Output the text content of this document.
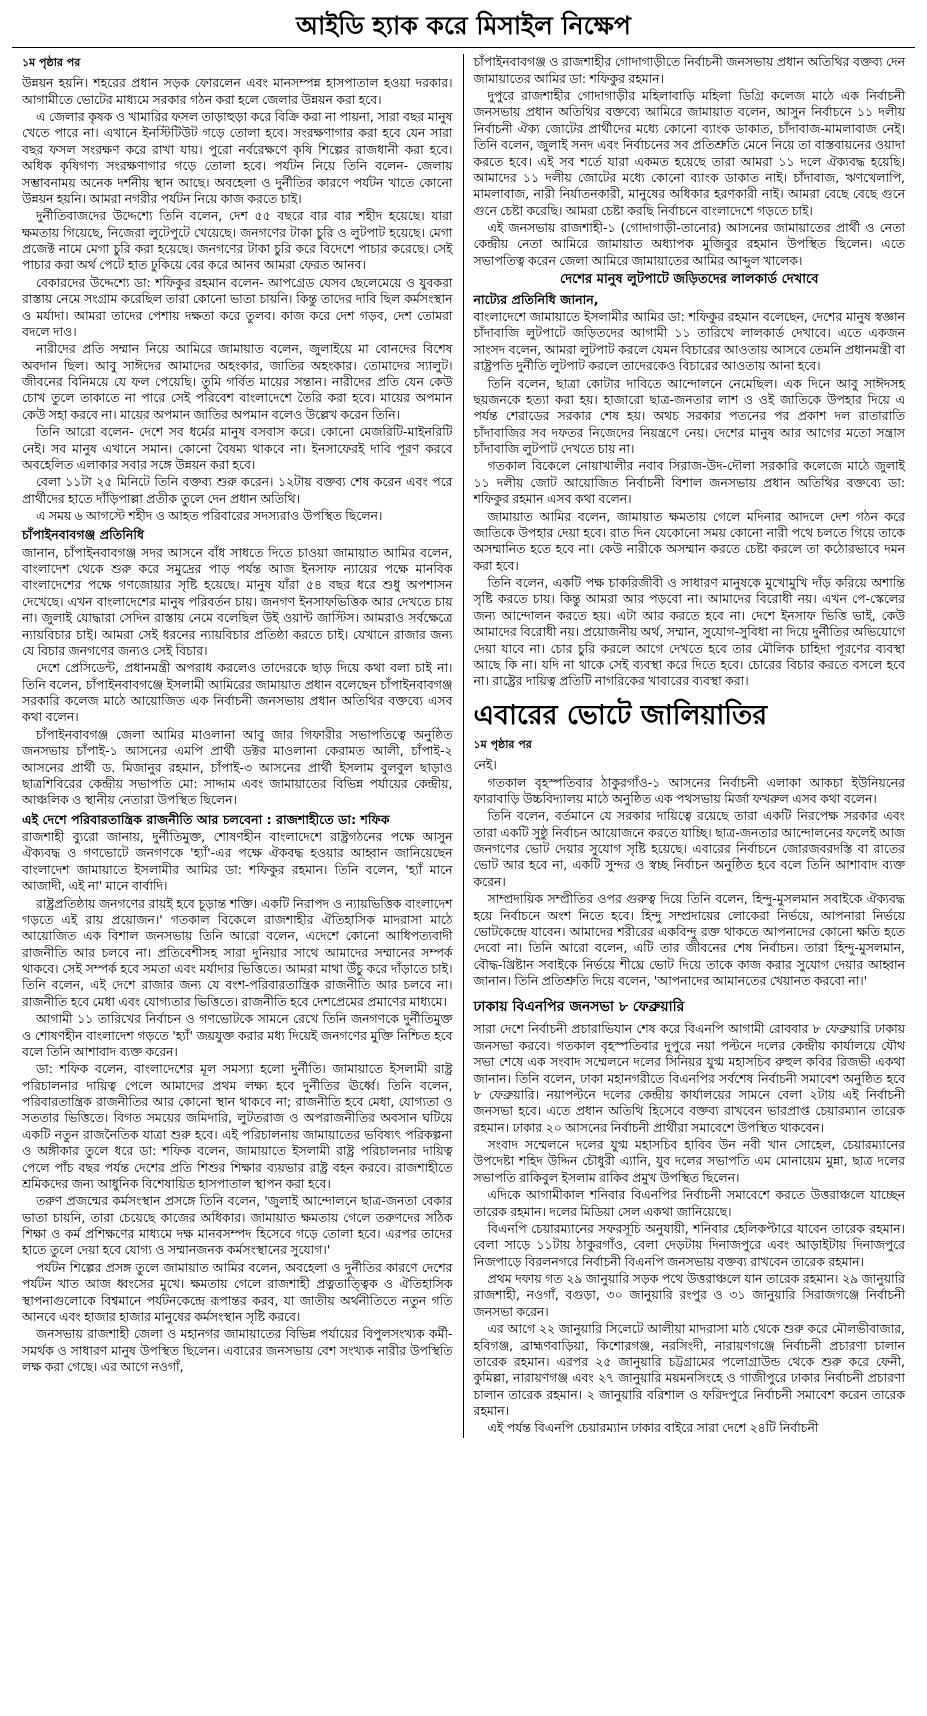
আইডি হ্যাক করে মিসাইল নিক্ষেপ
১ম পৃষ্ঠার পর

উন্নয়ন হয়নি। শহরের প্রধান সড়ক ফোরলেন এবং মানসম্পন্ন হাসপাতাল হওয়া দরকার। আগামীতে ভোটের মাধ্যমে সরকার গঠন করা হলে জেলার উন্নয়ন করা হবে।

এ জেলার কৃষক ও খামারির ফসল তাড়াহুড়া করে বিক্রি করা না পায়না, সারা বছর মানুষ খেতে পারে না। এখানে ইনস্টিটিউট গড়ে তোলা হবে। সংরক্ষণাগার করা হবে যেন সারা বছর ফসল সংরক্ষণ করে রাখা যায়। পুরো নর্বরেক্ষণে কৃষি শিল্পের রাজধানী করা হবে। অধিক কৃষিগণ্য সংরক্ষণাগার গড়ে তোলা হবে। পর্যটন নিয়ে তিনি বলেন- জেলায় সম্ভাবনাময় অনেক দর্শনীয় স্থান আছে। অবহেলা ও দুর্নীতির কারণে পর্যটন খাতে কোনো উন্নয়ন হয়নি। আমরা নগরীর পর্যটন নিয়ে কাজ করতে চাই।

দুর্নীতিবাজদের উদ্দেশ্যে তিনি বলেন, দেশ ৫৫ বছরে বার বার শহীদ হয়েছে। যারা ক্ষমতায় গিয়েছে, নিজেরা লুটেপুটে খেয়েছে। জনগণের টাকা চুরি ও লুটপাট হয়েছে। মেগা প্রজেক্ট নামে মেগা চুরি করা হয়েছে। জনগণের টাকা চুরি করে বিদেশে পাচার করেছে। সেই পাচার করা অর্থ পেটে হাত ঢুকিয়ে বের করে আনব আমরা ফেরত আনব।

বেকারদের উদ্দেশ্যে ডা: শফিকুর রহমান বলেন- আপগ্রেড যেসব ছেলেমেয়ে ও যুবকরা রাস্তায় নেমে সংগ্রাম করেছিল তারা কোনো ভাতা চায়নি। কিন্তু তাদের দাবি ছিল কর্মসংস্থান ও মর্যাদা। আমরা তাদের পেশায় দক্ষতা করে তুলব। কাজ করে দেশ গড়ব, দেশ তোমরা বদলে দাও।

নারীদের প্রতি সম্মান নিয়ে আমিরে জামায়াত বলেন, জুলাইয়ে মা বোনদের বিশেষ অবদান ছিল। আবু সাঈদের আমাদের অহংকার, জাতির অহংকার। তোমাদের স্যালুট। জীবনের বিনিময়ে যে ফল পেয়েছি। তুমি গর্বিত মায়ের সন্তান। নারীদের প্রতি যেন কেউ চোখ তুলে তাকাতে না পারে সেই পরিবেশ বাংলাদেশে তৈরি করা হবে। মায়ের অপমান কেউ সহা করবে না। মায়ের অপমান জাতির অপমান বলেও উল্লেখ করেন তিনি।

তিনি আরো বলেন- দেশে সব ধর্মের মানুষ বসবাস করে। কোনো মেজরিটি-মাইনরিটি নেই। সব মানুষ এখানে সমান। কোনো বৈষম্য থাকবে না। ইনসাফেরই দাবি পূরণ করবে অবহেলিত এলাকার সবার সঙ্গে উন্নয়ন করা হবে।

বেলা ১১টা ২৫ মিনিটে তিনি বক্তব্য শুরু করেন। ১২টায় বক্তব্য শেষ করেন এবং পরে প্রার্থীদের হাতে দাঁড়িপাল্লা প্রতীক তুলে দেন প্রধান অতিথি।

এ সময় ৬ আগস্টে শহীদ ও আহত পরিবারের সদস্যরাও উপস্থিত ছিলেন।

চাঁপাইনবাবগঞ্জ প্রতিনিধি

জানান, চাঁপাইনবাবগঞ্জ সদর আসনে বাঁধ সাধতে দিতে চাওয়া জামায়াত আমির বলেন, বাংলাদেশ থেকে শুরু করে সমুদ্রের পাড় পর্যন্ত আজ ইনসাফ ন্যায়ের পক্ষে মানবিক বাংলাদেশের পক্ষে গণজোয়ার সৃষ্টি হয়েছে। মানুষ যাঁরা ৫৪ বছর ধরে শুধু অপশাসন দেখেছে। এখন বাংলাদেশের মানুষ পরিবর্তন চায়। জনগণ ইনসাফভিত্তিক আর দেখতে চায় না। জুলাই যোদ্ধারা সেদিন রাস্তায় নেমে বলেছিল উই ওয়ান্ট জাস্টিস। আমরাও সর্বক্ষেত্রে ন্যায়বিচার চাই। আমরা সেই ধরনের ন্যায়বিচার প্রতিষ্ঠা করতে চাই। যেখানে রাজার জন্য যে বিচার জনগণের জন্যও সেই বিচার।

দেশে প্রেসিডেন্ট, প্রধানমন্ত্রী অপরাধ করলেও তাদেরকে ছাড় দিয়ে কথা বলা চাই না। তিনি বলেন, চাঁপাইনবাবগঞ্জে ইসলামী আমিরের জামায়াত প্রধান বলেছেন চাঁপাইনবাবগঞ্জ সরকারি কলেজ মাঠে আয়োজিত এক নির্বাচনী জনসভায় প্রধান অতিথির বক্তব্যে এসব কথা বলেন।

চাঁপাইনবাবগঞ্জ জেলা আমির মাওলানা আবু জার গিফারীর সভাপতিত্বে অনুষ্ঠিত জনসভায় চাঁপাই-১ আসনের এমপি প্রার্থী ডক্টর মাওলানা কেরামত আলী, চাঁপাই-২ আসনের প্রার্থী ড. মিজানুর রহমান, চাঁপাই-৩ আসনের প্রার্থী ইসলাম বুলবুল ছাড়াও ছাত্রশিবিরের কেন্দ্রীয় সভাপতি মো: সাদ্দাম এবং জামায়াতের বিভিন্ন পর্যায়ের কেন্দ্রীয়, আঞ্চলিক ও স্থানীয় নেতারা উপস্থিত ছিলেন।

এই দেশে পরিবারতান্ত্রিক রাজনীতি আর চলবেনা : রাজশাহীতে ডা: শফিক

রাজশাহী ব্যুরো জানায়, দুর্নীতিমুক্ত, শোষণহীন বাংলাদেশে রাষ্ট্রগঠনের পক্ষে আসুন ঐক্যবদ্ধ ও গণভোটে জনগণকে 'হ্যাঁ'-এর পক্ষে ঐকবদ্ধ হওয়ার আহ্বান জানিয়েছেন বাংলাদেশ জামায়াতে ইসলামীর আমির ডা: শফিকুর রহমান। তিনি বলেন, 'হ্যাঁ মানে আজাদী, এই না' মানে বার্বাদি।

রাষ্ট্রপ্রতিষ্ঠায় জনগণের রায়ই হবে চূড়ান্ত শক্তি। একটি নিরাপদ ও ন্যায়ভিত্তিক বাংলাদেশ গড়তে এই রায় প্রয়োজন।' গতকাল বিকেলে রাজশাহীর ঐতিহাসিক মাদরাসা মাঠে আয়োজিত এক বিশাল জনসভায় তিনি আরো বলেন, এদেশে কোনো আধিপত্যবাদী রাজনীতি আর চলবে না। প্রতিবেশীসহ সারা দুনিয়ার সাথে আমাদের সম্মানের সম্পর্ক থাকবে। সেই সম্পর্ক হবে সমতা এবং মর্যাদার ভিত্তিতে। আমরা মাথা উঁচু করে দাঁড়াতে চাই। তিনি বলেন, এই দেশে রাজার জন্য যে বংশ-পরিবারতান্ত্রিক রাজনীতি আর চলবে না। রাজনীতি হবে মেধা এবং যোগ্যতার ভিত্তিতে। রাজনীতি হবে দেশপ্রেমের প্রমাণের মাধ্যমে।

আগামী ১১ তারিখের নির্বাচন ও গণভোটকে সামনে রেখে তিনি জনগণকে দুর্নীতিমুক্ত ও শোষণহীন বাংলাদেশ গড়তে 'হ্যাঁ' জয়যুক্ত করার মধ্য দিয়েই জনগণের মুক্তি নিশ্চিত হবে বলে তিনি আশাবাদ ব্যক্ত করেন।

ডা: শফিক বলেন, বাংলাদেশের মূল সমস্যা হলো দুর্নীতি। জামায়াতে ইসলামী রাষ্ট্র পরিচালনার দায়িত্ব পেলে আমাদের প্রথম লক্ষ্য হবে দুর্নীতির ঊর্ধ্বে। তিনি বলেন, পরিবারতান্ত্রিক রাজনীতির আর কোনো স্থান থাকবে না; রাজনীতি হবে মেধা, যোগ্যতা ও সততার ভিত্তিতে। বিগত সময়ের জমিদারি, লুটতরাজ ও অপরাজনীতির অবসান ঘটিয়ে একটি নতুন রাজনৈতিক যাত্রা শুরু হবে। এই পরিচালনায় জামায়াতের ভবিষ্যৎ পরিকল্পনা ও অঙ্গীকার তুলে ধরে ডা: শফিক বলেন, জামায়াতে ইসলামী রাষ্ট্র পরিচালনার দায়িত্ব পেলে পাঁচ বছর পর্যন্ত দেশের প্রতি শিশুর শিক্ষার ব্যয়ভার রাষ্ট্র বহন করবে। রাজশাহীতে শ্রমিকদের জন্য আধুনিক বিশেষায়িত হাসপাতাল স্থাপন করা হবে।

তরুণ প্রজন্মের কর্মসংস্থান প্রসঙ্গে তিনি বলেন, 'জুলাই আন্দোলনে ছাত্র-জনতা বেকার ভাতা চায়নি, তারা চেয়েছে কাজের অধিকার। জামায়াত ক্ষমতায় গেলে তরুণদের সঠিক শিক্ষা ও কর্ম প্রশিক্ষণের মাধ্যমে দক্ষ মানবসম্পদ হিসেবে গড়ে তোলা হবে। এরপর তাদের হাতে তুলে দেয়া হবে যোগ্য ও সম্মানজনক কর্মসংস্থানের সুযোগ।'

পর্যটন শিল্পের প্রসঙ্গ তুলে জামায়াত আমির বলেন, অবহেলা ও দুর্নীতির কারণে দেশের পর্যটন খাত আজ ধ্বংসের মুখে। ক্ষমতায় গেলে রাজশাহী প্রত্নতাত্ত্বিক ও ঐতিহাসিক স্থাপনাগুলোকে বিশ্বমানে পর্যটনকেন্দ্রে রূপান্তর করব, যা জাতীয় অর্থনীতিতে নতুন গতি আনবে এবং হাজার হাজার মানুষের কর্মসংস্থান সৃষ্টি করবে।

জনসভায় রাজশাহী জেলা ও মহানগর জামায়াতের বিভিন্ন পর্যায়ের বিপুলসংখ্যক কর্মী-সমর্থক ও সাধারণ মানুষ উপস্থিত ছিলেন। এবারের জনসভায় বেশ সংখ্যক নারীর উপস্থিতি লক্ষ করা গেছে। এর আগে নওগাঁ,

চাঁপাইনবাবগঞ্জ ও রাজশাহীর গোদাগাড়ীতে নির্বাচনী জনসভায় প্রধান অতিথির বক্তব্য দেন জামায়াতের আমির ডা: শফিকুর রহমান।

দুপুরে রাজশাহীর গোদাগাড়ীর মহিলাবাড়ি মহিলা ডিগ্রি কলেজ মাঠে এক নির্বাচনী জনসভায় প্রধান অতিথির বক্তব্যে আমিরে জামায়াত বলেন, আসুন নির্বাচনে ১১ দলীয় নির্বাচনী ঐক্য জোটের প্রার্থীদের মধ্যে কোনো ব্যাংক ডাকাত, চাঁদাবাজ-মামলাবাজ নেই। তিনি বলেন, জুলাই সনদ এবং নির্বাচনের সব প্রতিশ্রুতি মেনে নিয়ে তা বাস্তবায়নের ওয়াদা করতে হবে। এই সব শর্তে যারা একমত হয়েছে তারা আমরা ১১ দলে ঐক্যবদ্ধ হয়েছি। আমাদের ১১ দলীয় জোটের মধ্যে কোনো ব্যাংক ডাকাত নাই। চাঁদাবাজ, ঋণখেলাপি, মামলাবাজ, নারী নির্যাতনকারী, মানুষের অধিকার হরণকারী নাই। আমরা বেছে বেছে গুনে গুনে চেষ্টা করেছি। আমরা চেষ্টা করছি নির্বাচনে বাংলাদেশে গড়তে চাই।

এই জনসভায় রাজশাহী-১ (গোদাগাড়ী-তানোর) আসনের জামায়াতের প্রার্থী ও নেতা কেন্দ্রীয় নেতা আমিরে জামায়াত অধ্যাপক মুজিবুর রহমান উপস্থিত ছিলেন। এতে সভাপতিত্ব করেন জেলা আমিরে জামায়াতের আমির আব্দুল খালেক।

দেশের মানুষ লুটপাটে জড়িতদের লালকার্ড দেখাবে
নাট্যের প্রতিনিধি জানান,

বাংলাদেশে জামায়াতে ইসলামীর আমির ডা: শফিকুর রহমান বলেছেন, দেশের মানুষ স্বজ্ঞান চাঁদাবাজি লুটপাটে জড়িতদের আগামী ১১ তারিখে লালকার্ড দেখাবে। এতে একজন সাংসদ বলেন, আমরা লুটপাট করলে যেমন বিচারের আওতায় আসবে তেমনি প্রধানমন্ত্রী বা রাষ্ট্রপতি দুর্নীতি লুটপাট করলে তাদেরকেও বিচারের আওতায় আনা হবে।

তিনি বলেন, ছাত্রা কোটার দাবিতে আন্দোলনে নেমেছিল। এক দিনে আবু সাঈদসহ ছয়জনকে হত্যা করা হয়। হাজারো ছাত্র-জনতার লাশ ও ওই জাতিকে উপহার দিয়ে এ পর্যন্ত শেরাডের সরকার শেষ হয়। অথচ সরকার পতনের পর প্রকাশ দল রাতারাতি চাঁদাবাজির সব দফতর নিজেদের নিয়ন্ত্রণে নেয়। দেশের মানুষ আর আগের মতো সন্ত্রাস চাঁদাবাজি লুটপাট দেখতে চায় না।

গতকাল বিকেলে নোয়াখালীর নবাব সিরাজ-উদ-দৌলা সরকারি কলেজে মাঠে জুলাই ১১ দলীয় জোট আয়োজিত নির্বাচনী বিশাল জনসভায় প্রধান অতিথির বক্তব্যে ডা: শফিকুর রহমান এসব কথা বলেন।

জামায়াত আমির বলেন, জামায়াত ক্ষমতায় গেলে মদিনার আদলে দেশ গঠন করে জাতিকে উপহার দেয়া হবে। রাত দিন যেকোনো সময় কোনো নারী পথে চলতে গিয়ে তাকে অসম্মানিত হতে হবে না। কেউ নারীকে অসম্মান করতে চেষ্টা করলে তা কঠোরভাবে দমন করা হবে।

তিনি বলেন, একটি পক্ষ চাকরিজীবী ও সাধারণ মানুষকে মুখোমুখি দাঁড় করিয়ে অশান্তি সৃষ্টি করতে চায়। কিন্তু আমরা আর পড়বো না। আমাদের বিরোধী নয়। এখন পে-স্কেলের জন্য আন্দোলন করতে হয়। এটা আর করতে হবে না। দেশে ইনসাফ ভিত্তি ভাই, কেউ আমাদের বিরোধী নয়। প্রয়োজনীয় অর্থ, সম্মান, সুযোগ-সুবিধা না দিয়ে দুর্নীতির অভিযোগে দেয়া যাবে না। চোর চুরি করলে আগে দেখতে হবে তার মৌলিক চাহিদা পূরণের ব্যবস্থা আছে কি না। যদি না থাকে সেই ব্যবস্থা করে দিতে হবে। চোরের বিচার করতে বসলে হবে না। রাষ্ট্রের দায়িত্ব প্রতিটি নাগরিকের খাবারের ব্যবস্থা করা।

এবারের ভোটে জালিয়াতির
১ম পৃষ্ঠার পর

নেই।

গতকাল বৃহস্পতিবার ঠাকুরগাঁও-১ আসনের নির্বাচনী এলাকা আকচা ইউনিয়নের ফারাবাড়ি উচ্চবিদ্যালয় মাঠে অনুষ্ঠিত এক পথসভায় মির্জা ফখরুল এসব কথা বলেন।

তিনি বলেন, বর্তমানে যে সরকার দায়িত্বে রয়েছে তারা একটি নিরপেক্ষ সরকার এবং তারা একটি সুষ্ঠু নির্বাচন আয়োজনে করতে যাচ্ছি। ছাত্র-জনতার আন্দোলনের ফলেই আজ জনগণের ভোট দেয়ার সুযোগ সৃষ্টি হয়েছে। এবারের নির্বাচনে জোরজবরদস্তি বা রাতের ভোট আর হবে না, একটি সুন্দর ও স্বচ্ছ নির্বাচন অনুষ্ঠিত হবে বলে তিনি আশাবাদ ব্যক্ত করেন।

সাম্প্রদায়িক সম্প্রীতির ওপর গুরুত্ব দিয়ে তিনি বলেন, হিন্দু-মুসলমান সবাইকে ঐক্যবদ্ধ হয়ে নির্বাচনে অংশ নিতে হবে। হিন্দু সম্প্রদায়ের লোকেরা নির্ভয়ে, আপনারা নির্ভয়ে ভোটকেন্দ্রে যাবেন। আমাদের শরীরের একবিন্দু রক্ত থাকতে আপনাদের কোনো ক্ষতি হতে দেবো না। তিনি আরো বলেন, এটি তার জীবনের শেষ নির্বাচন। তারা হিন্দু-মুসলমান, বৌদ্ধ-খ্রিষ্টান সবাইকে নির্ভয়ে শীঘ্রে ভোট দিয়ে তাকে কাজ করার সুযোগ দেয়ার আহ্বান জানান। তিনি প্রতিশ্রুতি দিয়ে বলেন, 'আপনাদের আমানতের খেয়ানত করবো না।'

ঢাকায় বিএনপির জনসভা ৮ ফেব্রুয়ারি

সারা দেশে নির্বাচনী প্রচারাভিযান শেষ করে বিএনপি আগামী রোববার ৮ ফেব্রুয়ারি ঢাকায় জনসভা করবে। গতকাল বৃহস্পতিবার দুপুরে নয়া পল্টনে দলের কেন্দ্রীয় কার্যালয়ে যৌথ সভা শেষে এক সংবাদ সম্মেলনে দলের সিনিয়র যুগ্ম মহাসচিব রুহুল কবির রিজভী একথা জানান। তিনি বলেন, ঢাকা মহানগরীতে বিএনপির সর্বশেষ নির্বাচনী সমাবেশ অনুষ্ঠিত হবে ৮ ফেব্রুয়ারি। নয়াপল্টনে দলের কেন্দ্রীয় কার্যালয়ের সামনে বেলা ২টায় এই নির্বাচনী জনসভা হবে। এতে প্রধান অতিথি হিসেবে বক্তব্য রাখবেন ভারপ্রাপ্ত চেয়ারম্যান তারেক রহমান। ঢাকার ২০ আসনের নির্বাচনী প্রার্থীরা সমাবেশে উপস্থিত থাকবেন।

সংবাদ সম্মেলনে দলের যুগ্ম মহাসচিব হাবিব উন নবী খান সোহেল, চেয়ারম্যানের উপদেষ্টা শহিদ উদ্দিন চৌধুরী এ্যানি, যুব দলের সভাপতি এম মোনায়েম মুন্না, ছাত্র দলের সভাপতি রাকিবুল ইসলাম রাকিব প্রমুখ উপস্থিত ছিলেন।

এদিকে আগামীকাল শনিবার বিএনপির নির্বাচনী সমাবেশে করতে উত্তরাঞ্চলে যাচ্ছেন তারেক রহমান। দলের মিডিয়া সেল একথা জানিয়েছে।

বিএনপি চেয়ারম্যানের সফরসূচি অনুযায়ী, শনিবার হেলিকপ্টারে যাবেন তারেক রহমান। বেলা সাড়ে ১১টায় ঠাকুরগাঁও, বেলা দেড়টায় দিনাজপুরে এবং আড়াইটায় দিনাজপুরে নিজপাড়ে বিরলনগরে নির্বাচনী বিএনপি জনসভায় বক্তব্য রাখবেন তারেক রহমান।

প্রথম দফায় গত ২৯ জানুয়ারি সড়ক পথে উত্তরাঞ্চলে যান তারেক রহমান। ২৯ জানুয়ারি রাজশাহী, নওগাঁ, বগুড়া, ৩০ জানুয়ারি রংপুর ও ৩১ জানুয়ারি সিরাজগঞ্জে নির্বাচনী জনসভা করেন।

এর আগে ২২ জানুয়ারি সিলেটে আলীয়া মাদরাসা মাঠ থেকে শুরু করে মৌলভীবাজার, হবিগঞ্জ, ব্রাহ্মণবাড়িয়া, কিশোরগঞ্জ, নরসিংদী, নারায়ণগঞ্জে নির্বাচনী প্রচারণা চালান তারেক রহমান। এরপর ২৫ জানুয়ারি চট্টগ্রামের পলোগ্রাউন্ড থেকে শুরু করে ফেনী, কুমিল্লা, নারায়ণগঞ্জ এবং ২৭ জানুয়ারি ময়মনসিংহে ও গাজীপুরে ঢাকার নির্বাচনী প্রচারণা চালান তারেক রহমান। ২ জানুয়ারি বরিশাল ও ফরিদপুরে নির্বাচনী সমাবেশ করেন তারেক রহমান।

এই পর্যন্ত বিএনপি চেয়ারম্যান ঢাকার বাইরে সারা দেশে ২৪টি নির্বাচনী
